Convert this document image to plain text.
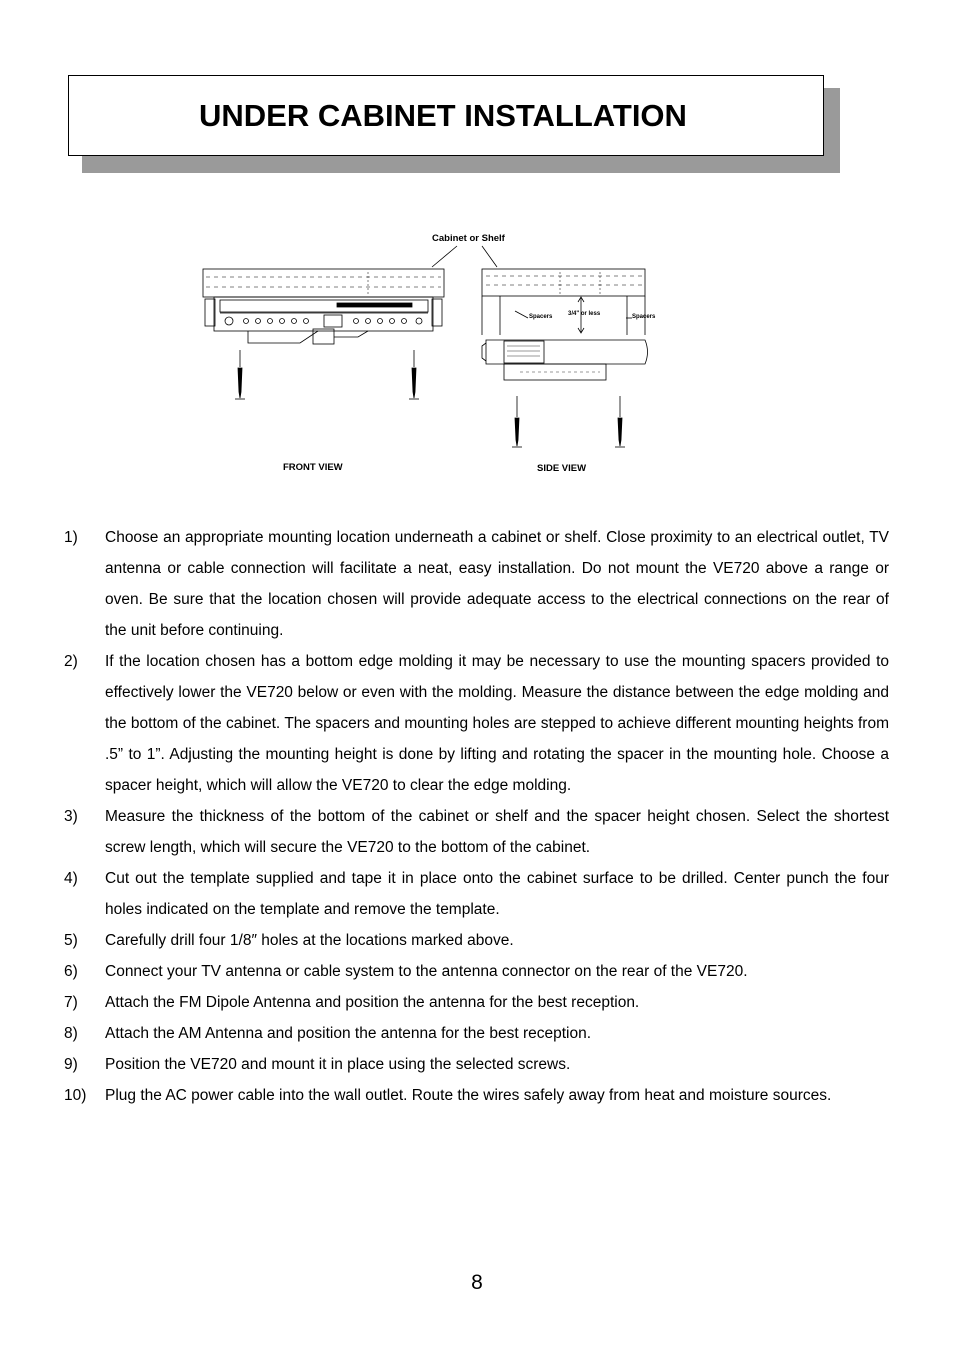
UNDER CABINET INSTALLATION
Cabinet or Shelf
Spacers	3/4" or less	Spacers
FRONT VIEW	SIDE VIEW
1) Choose an appropriate mounting location underneath a cabinet or shelf. Close proximity to an electrical outlet, TV antenna or cable connection will facilitate a neat, easy installation. Do not mount the VE720 above a range or oven. Be sure that the location chosen will provide adequate access to the electrical connections on the rear of the unit before continuing.
2) If the location chosen has a bottom edge molding it may be necessary to use the mounting spacers provided to effectively lower the VE720 below or even with the molding. Measure the distance between the edge molding and the bottom of the cabinet. The spacers and mounting holes are stepped to achieve different mounting heights from .5” to 1”. Adjusting the mounting height is done by lifting and rotating the spacer in the mounting hole. Choose a spacer height, which will allow the VE720 to clear the edge molding.
3) Measure the thickness of the bottom of the cabinet or shelf and the spacer height chosen. Select the shortest screw length, which will secure the VE720 to the bottom of the cabinet.
4) Cut out the template supplied and tape it in place onto the cabinet surface to be drilled. Center punch the four holes indicated on the template and remove the template.
5) Carefully drill four 1/8″ holes at the locations marked above.
6) Connect your TV antenna or cable system to the antenna connector on the rear of the VE720.
7) Attach the FM Dipole Antenna and position the antenna for the best reception.
8) Attach the AM Antenna and position the antenna for the best reception.
9) Position the VE720 and mount it in place using the selected screws.
10) Plug the AC power cable into the wall outlet. Route the wires safely away from heat and moisture sources.
8
